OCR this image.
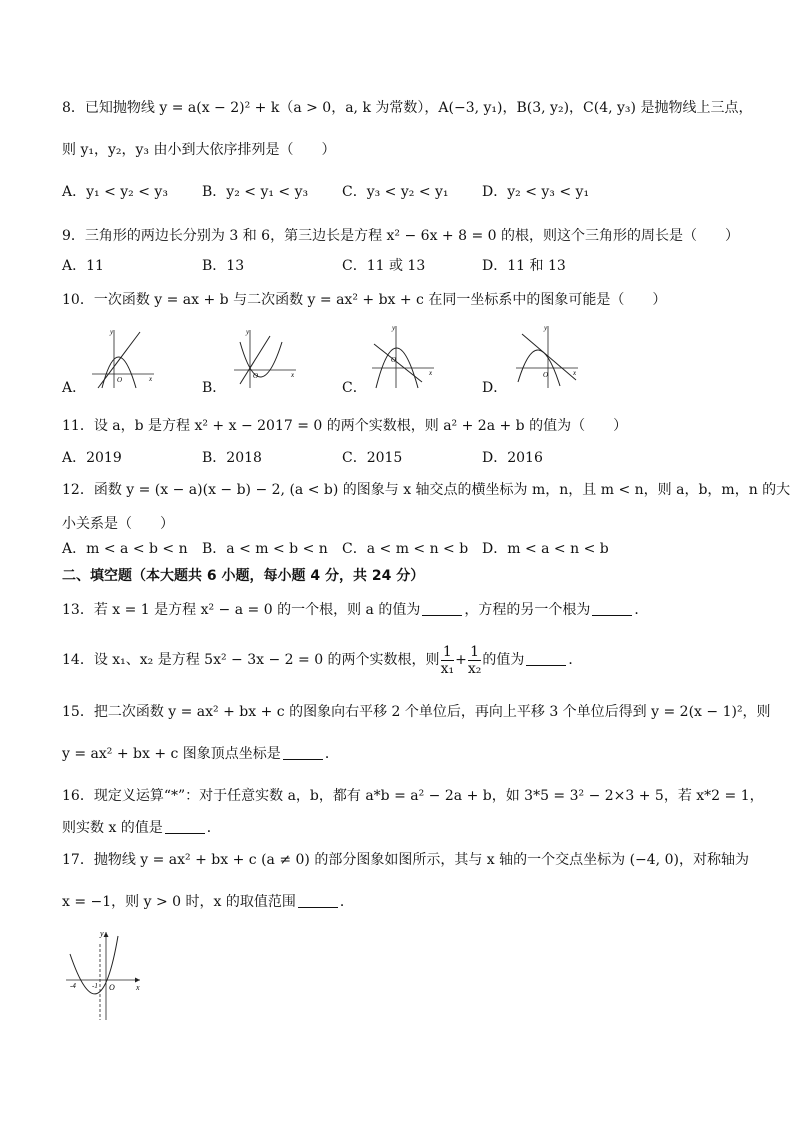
8．已知抛物线 y = a(x − 2)² + k（a > 0，a, k 为常数），A(−3, y₁)，B(3, y₂)，C(4, y₃) 是抛物线上三点，
则 y₁，y₂，y₃ 由小到大依序排列是（　　）
A．y₁ < y₂ < y₃ B．y₂ < y₁ < y₃ C．y₃ < y₂ < y₁ D．y₂ < y₃ < y₁
9．三角形的两边长分别为 3 和 6，第三边长是方程 x² − 6x + 8 = 0 的根，则这个三角形的周长是（　　）
A．11	B．13	C．11 或 13	D．11 和 13
10．一次函数 y = ax + b 与二次函数 y = ax² + bx + c 在同一坐标系中的图象可能是（　　）
A．	B．	C．	D．
y
x
O
y
x
O
y
x
O
y
x
O
11．设 a，b 是方程 x² + x − 2017 = 0 的两个实数根，则 a² + 2a + b 的值为（　　）
A．2019	B．2018	C．2015	D．2016
12．函数 y = (x − a)(x − b) − 2, (a < b) 的图象与 x 轴交点的横坐标为 m，n，且 m < n，则 a，b，m，n 的大
小关系是（　　）
A．m < a < b < n B．a < m < b < n C．a < m < n < b D．m < a < n < b
二、填空题（本大题共 6 小题，每小题 4 分，共 24 分）
13．若 x = 1 是方程 x² − a = 0 的一个根，则 a 的值为	，方程的另一个根为	．
14．设 x₁、x₂ 是方程 5x² − 3x − 2 = 0 的两个实数根，则 $\frac{1}{\text{x₁}} + \frac{1}{\text{x₂}}$ 的值为	．
15．把二次函数 y = ax² + bx + c 的图象向右平移 2 个单位后，再向上平移 3 个单位后得到 y = 2(x − 1)²，则
y = ax² + bx + c 图象顶点坐标是	．
16．现定义运算“*”：对于任意实数 a，b，都有 a*b = a² − 2a + b，如 3*5 = 3² − 2×3 + 5，若 x*2 = 1，
则实数 x 的值是	．
17．抛物线 y = ax² + bx + c (a ≠ 0) 的部分图象如图所示，其与 x 轴的一个交点坐标为 (−4, 0)，对称轴为
x = −1，则 y > 0 时，x 的取值范围	．
y
x
O
-4 -1
